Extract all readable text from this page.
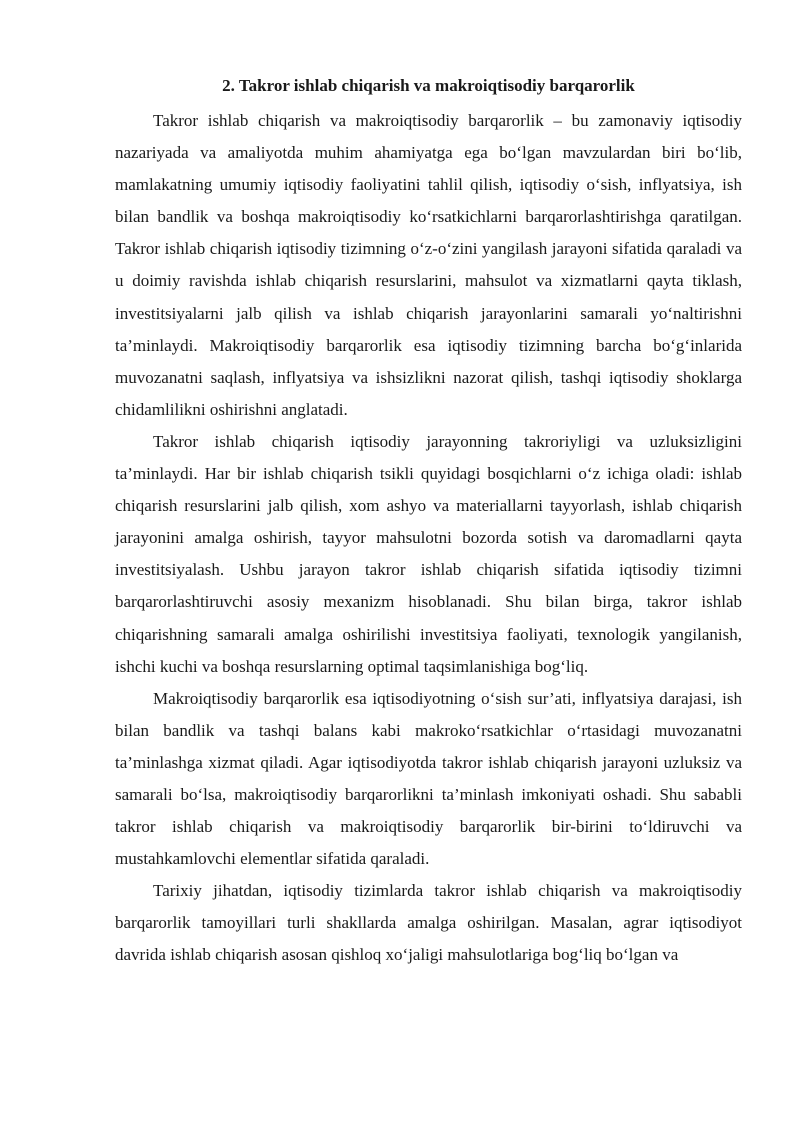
2. Takror ishlab chiqarish va makroiqtisodiy barqarorlik

Takror ishlab chiqarish va makroiqtisodiy barqarorlik – bu zamonaviy iqtisodiy nazariyada va amaliyotda muhim ahamiyatga ega bo‘lgan mavzulardan biri bo‘lib, mamlakatning umumiy iqtisodiy faoliyatini tahlil qilish, iqtisodiy o‘sish, inflyatsiya, ish bilan bandlik va boshqa makroiqtisodiy ko‘rsatkichlarni barqarorlashtirishga qaratilgan. Takror ishlab chiqarish iqtisodiy tizimning o‘z-o‘zini yangilash jarayoni sifatida qaraladi va u doimiy ravishda ishlab chiqarish resurslarini, mahsulot va xizmatlarni qayta tiklash, investitsiyalarni jalb qilish va ishlab chiqarish jarayonlarini samarali yo‘naltirishni ta’minlaydi. Makroiqtisodiy barqarorlik esa iqtisodiy tizimning barcha bo‘g‘inlarida muvozanatni saqlash, inflyatsiya va ishsizlikni nazorat qilish, tashqi iqtisodiy shoklarga chidamlilikni oshirishni anglatadi.

Takror ishlab chiqarish iqtisodiy jarayonning takroriyligi va uzluksizligini ta’minlaydi. Har bir ishlab chiqarish tsikli quyidagi bosqichlarni o‘z ichiga oladi: ishlab chiqarish resurslarini jalb qilish, xom ashyo va materiallarni tayyorlash, ishlab chiqarish jarayonini amalga oshirish, tayyor mahsulotni bozorda sotish va daromadlarni qayta investitsiyalash. Ushbu jarayon takror ishlab chiqarish sifatida iqtisodiy tizimni barqarorlashtiruvchi asosiy mexanizm hisoblanadi. Shu bilan birga, takror ishlab chiqarishning samarali amalga oshirilishi investitsiya faoliyati, texnologik yangilanish, ishchi kuchi va boshqa resurslarning optimal taqsimlanishiga bog‘liq.

Makroiqtisodiy barqarorlik esa iqtisodiyotning o‘sish sur’ati, inflyatsiya darajasi, ish bilan bandlik va tashqi balans kabi makroko‘rsatkichlar o‘rtasidagi muvozanatni ta’minlashga xizmat qiladi. Agar iqtisodiyotda takror ishlab chiqarish jarayoni uzluksiz va samarali bo‘lsa, makroiqtisodiy barqarorlikni ta’minlash imkoniyati oshadi. Shu sababli takror ishlab chiqarish va makroiqtisodiy barqarorlik bir-birini to‘ldiruvchi va mustahkamlovchi elementlar sifatida qaraladi.

Tarixiy jihatdan, iqtisodiy tizimlarda takror ishlab chiqarish va makroiqtisodiy barqarorlik tamoyillari turli shakllarda amalga oshirilgan. Masalan, agrar iqtisodiyot davrida ishlab chiqarish asosan qishloq xo‘jaligi mahsulotlariga bog‘liq bo‘lgan va
